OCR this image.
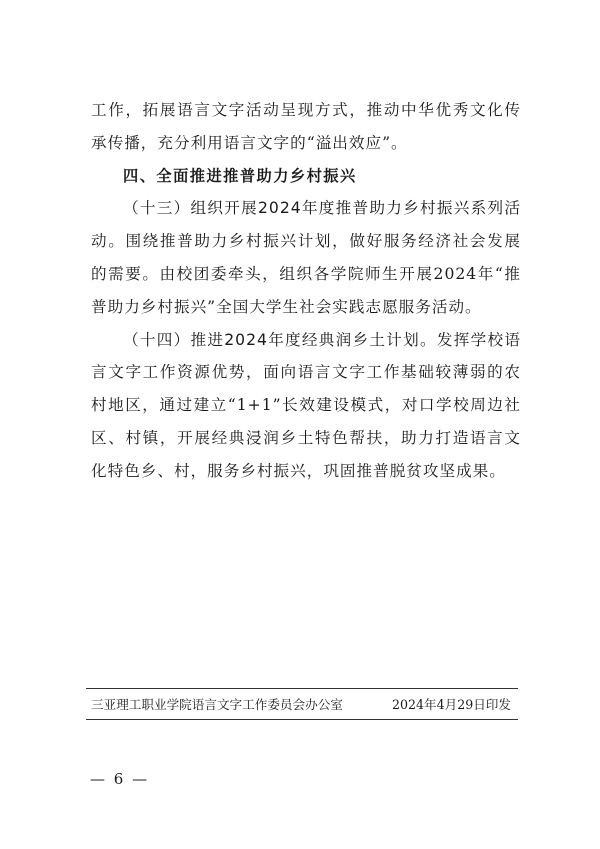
工作，拓展语言文字活动呈现方式，推动中华优秀文化传承传播，充分利用语言文字的“溢出效应”。

四、全面推进推普助力乡村振兴

（十三）组织开展2024年度推普助力乡村振兴系列活动。围绕推普助力乡村振兴计划，做好服务经济社会发展的需要。由校团委牵头，组织各学院师生开展2024年“推普助力乡村振兴”全国大学生社会实践志愿服务活动。

（十四）推进2024年度经典润乡土计划。发挥学校语言文字工作资源优势，面向语言文字工作基础较薄弱的农村地区，通过建立“1+1”长效建设模式，对口学校周边社区、村镇，开展经典浸润乡土特色帮扶，助力打造语言文化特色乡、村，服务乡村振兴，巩固推普脱贫攻坚成果。

三亚理工职业学院语言文字工作委员会办公室	2024年4月29日印发
— 6 —
